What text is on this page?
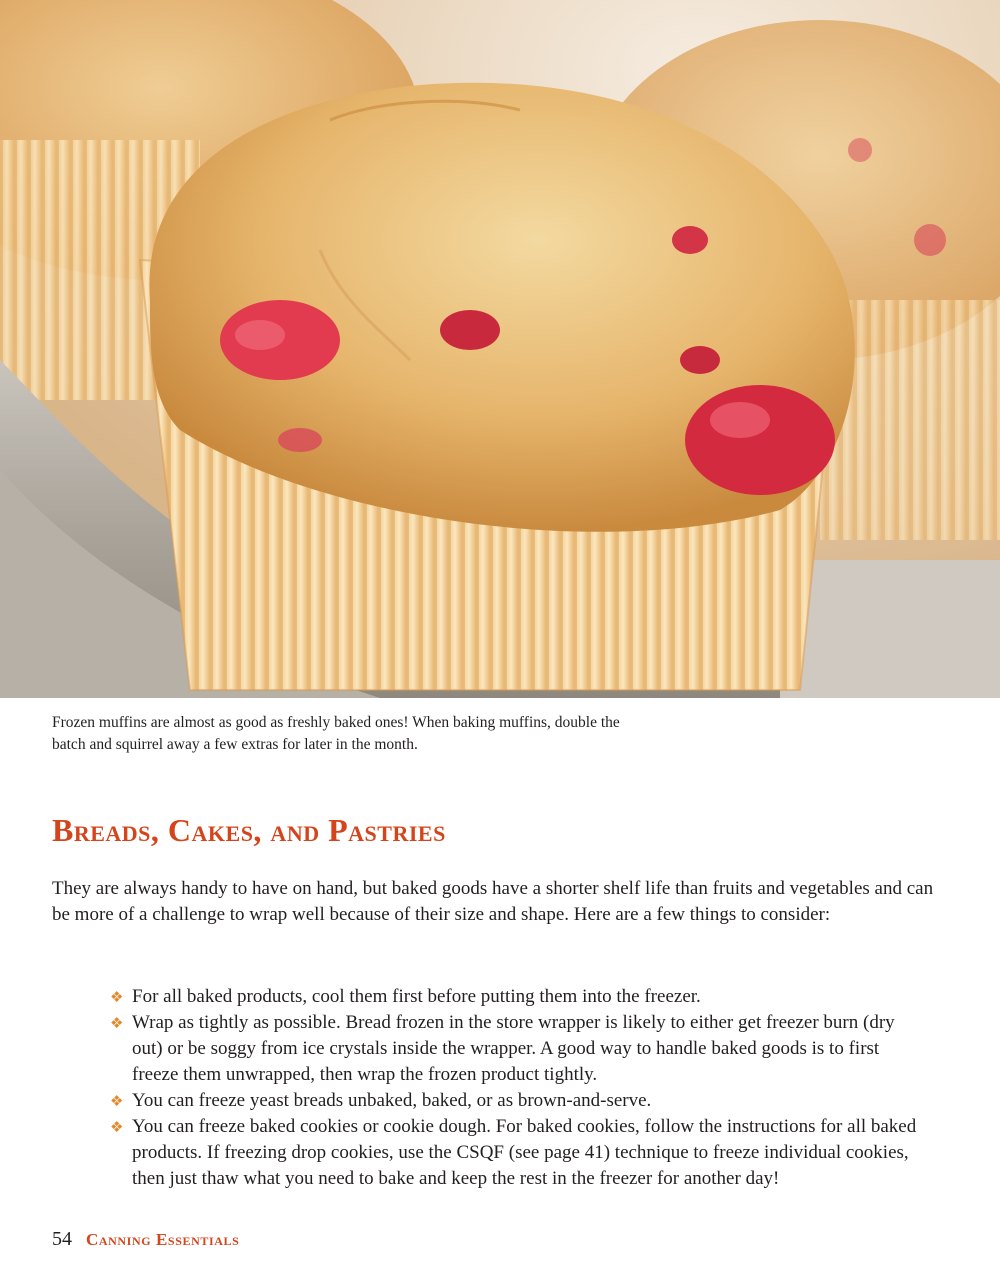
Frozen muffins are almost as good as freshly baked ones! When baking muffins, double the batch and squirrel away a few extras for later in the month.
Breads, Cakes, and Pastries

They are always handy to have on hand, but baked goods have a shorter shelf life than fruits and vegetables and can be more of a challenge to wrap well because of their size and shape. Here are a few things to consider:

❖ For all baked products, cool them first before putting them into the freezer.
❖ Wrap as tightly as possible. Bread frozen in the store wrapper is likely to either get freezer burn (dry out) or be soggy from ice crystals inside the wrapper. A good way to handle baked goods is to first freeze them unwrapped, then wrap the frozen product tightly.
❖ You can freeze yeast breads unbaked, baked, or as brown-and-serve.
❖ You can freeze baked cookies or cookie dough. For baked cookies, follow the instructions for all baked products. If freezing drop cookies, use the CSQF (see page 41) technique to freeze individual cookies, then just thaw what you need to bake and keep the rest in the freezer for another day!
54 Canning Essentials
